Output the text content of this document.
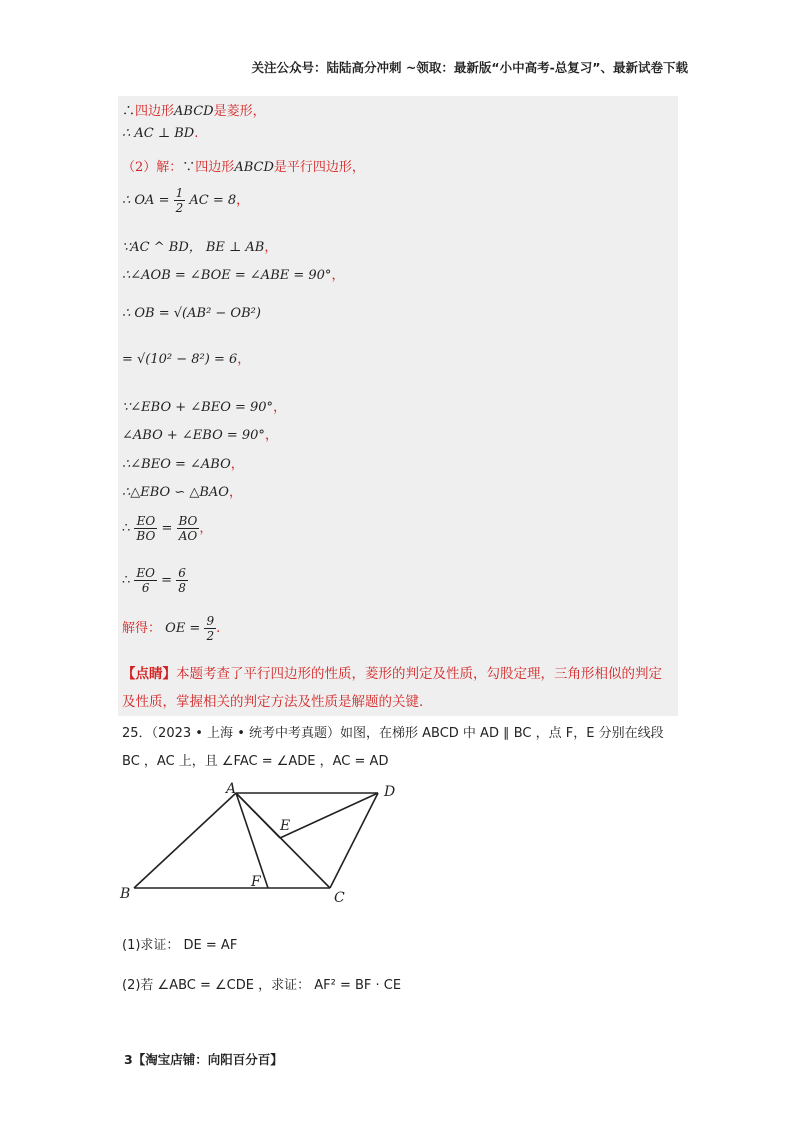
关注公众号：陆陆高分冲刺 ~领取：最新版“小中高考-总复习”、最新试卷下载
∴四边形ABCD是菱形，
∴ AC ⊥ BD.
（2）解：∵四边形ABCD是平行四边形，
∴ OA = $\frac{1}{2}$ AC = 8，
∵AC ^ BD， BE ⊥ AB，
∴∠AOB = ∠BOE = ∠ABE = 90°，
∴ OB = √(AB² − OB²)
= √(10² − 8²) = 6，
∵∠EBO + ∠BEO = 90°，
∠ABO + ∠EBO = 90°，
∴∠BEO = ∠ABO，
∴△EBO ∽ △BAO，
∴ $\frac{EO}{BO} = \frac{BO}{AO}$ ，
∴ $\frac{EO}{6} = \frac{6}{8}$
解得： OE = $\frac{9}{2}$ .
【点睛】本题考查了平行四边形的性质，菱形的判定及性质，勾股定理，三角形相似的判定及性质，掌握相关的判定方法及性质是解题的关键.
25．（2023 • 上海 • 统考中考真题）如图，在梯形 ABCD 中 AD ∥ BC ，点 F，E 分别在线段 BC ，AC 上，且 ∠FAC = ∠ADE ，AC = AD
A
B	C
D
E
F
(1)求证： DE = AF
(2)若 ∠ABC = ∠CDE ，求证： AF² = BF · CE
3【淘宝店铺：向阳百分百】
